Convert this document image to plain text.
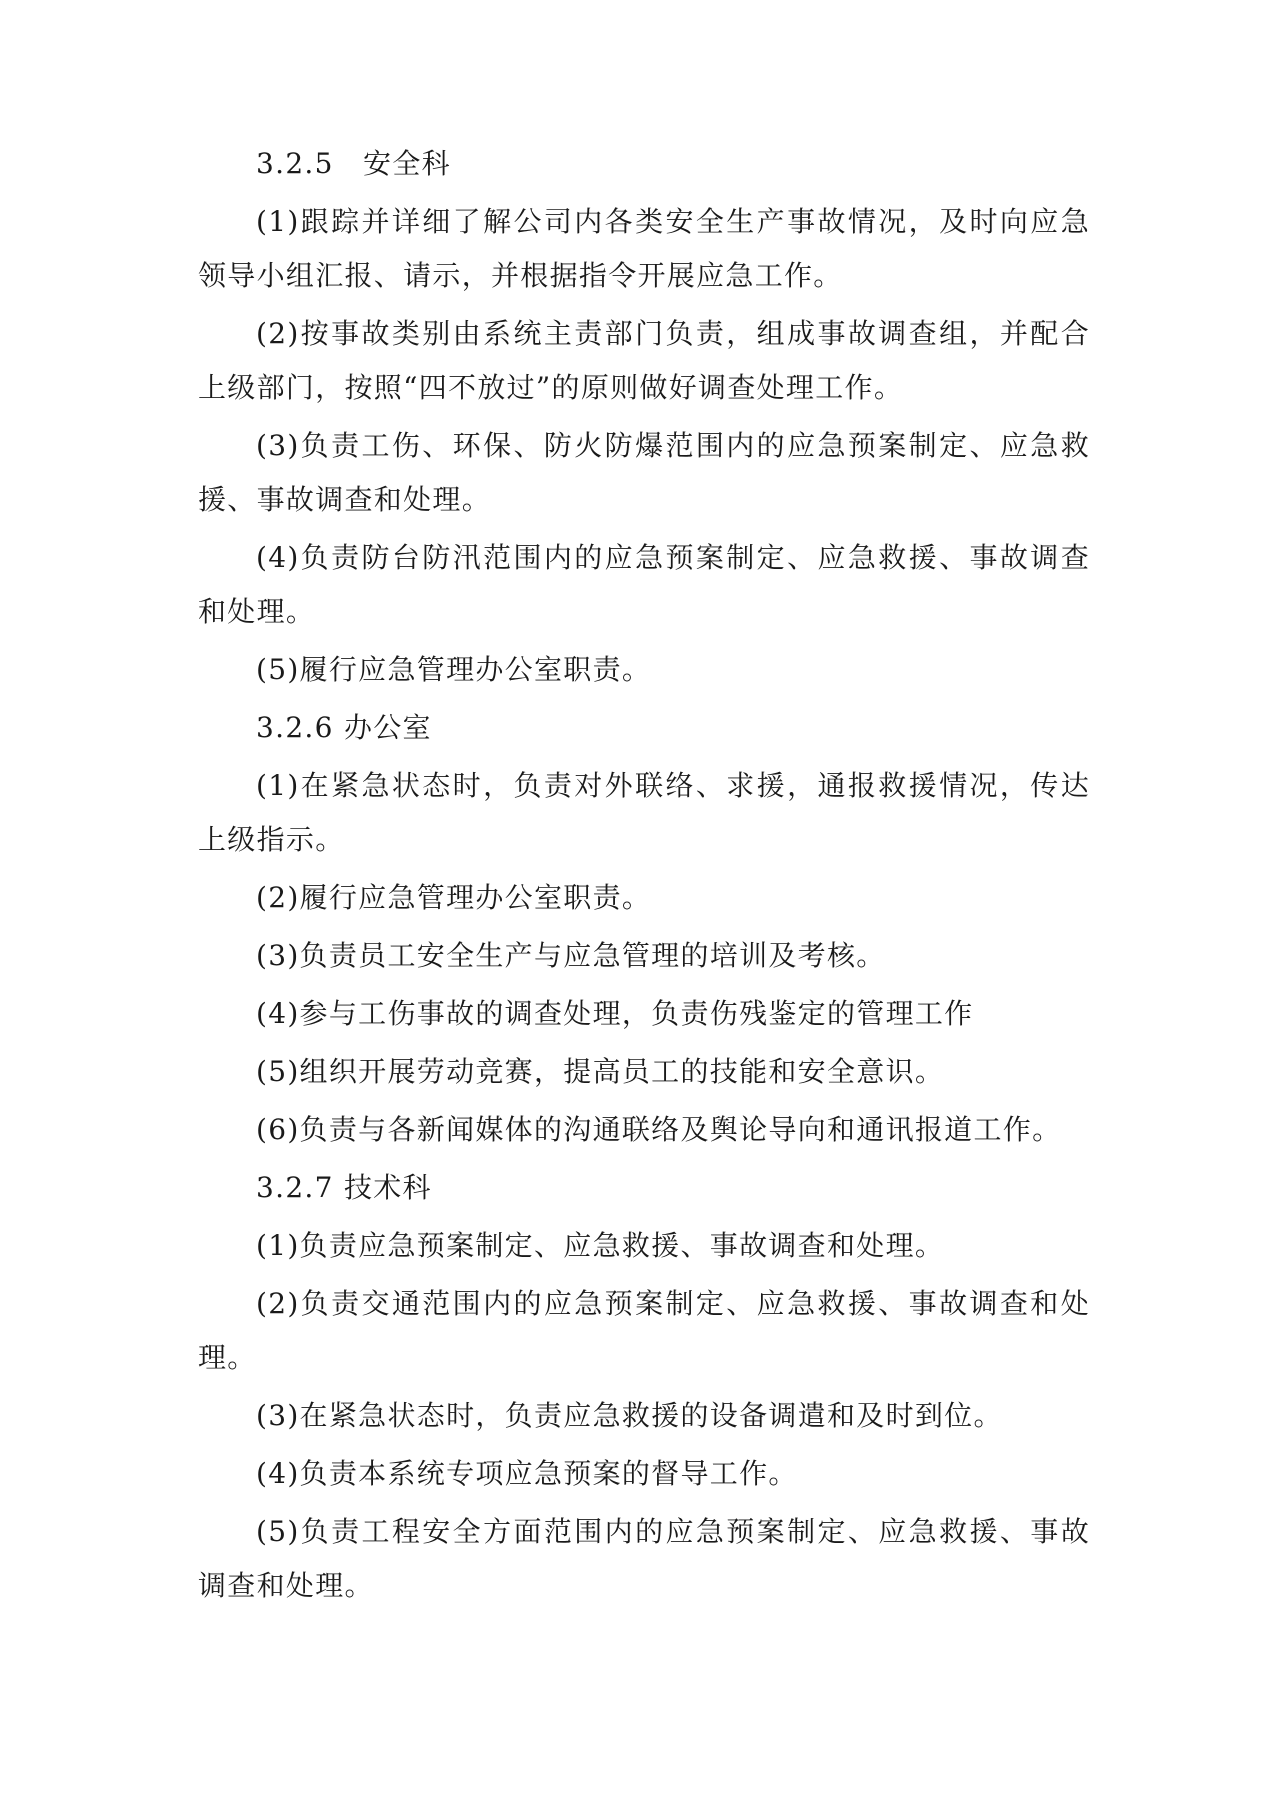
3.2.5　安全科

(1)跟踪并详细了解公司内各类安全生产事故情况，及时向应急领导小组汇报、请示，并根据指令开展应急工作。

(2)按事故类别由系统主责部门负责，组成事故调查组，并配合上级部门，按照“四不放过”的原则做好调查处理工作。

(3)负责工伤、环保、防火防爆范围内的应急预案制定、应急救援、事故调查和处理。

(4)负责防台防汛范围内的应急预案制定、应急救援、事故调查和处理。

(5)履行应急管理办公室职责。

3.2.6 办公室

(1)在紧急状态时，负责对外联络、求援，通报救援情况，传达上级指示。

(2)履行应急管理办公室职责。

(3)负责员工安全生产与应急管理的培训及考核。

(4)参与工伤事故的调查处理，负责伤残鉴定的管理工作

(5)组织开展劳动竞赛，提高员工的技能和安全意识。

(6)负责与各新闻媒体的沟通联络及舆论导向和通讯报道工作。

3.2.7 技术科

(1)负责应急预案制定、应急救援、事故调查和处理。

(2)负责交通范围内的应急预案制定、应急救援、事故调查和处理。

(3)在紧急状态时，负责应急救援的设备调遣和及时到位。

(4)负责本系统专项应急预案的督导工作。

(5)负责工程安全方面范围内的应急预案制定、应急救援、事故调查和处理。
